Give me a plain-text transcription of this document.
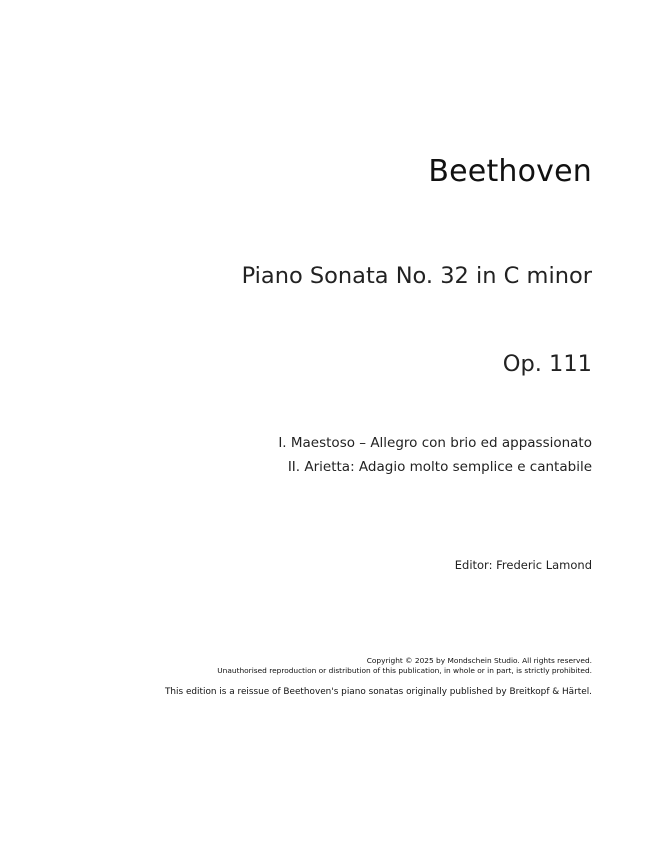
Beethoven
Piano Sonata No. 32 in C minor
Op. 111
I. Maestoso – Allegro con brio ed appassionato
II. Arietta: Adagio molto semplice e cantabile
Editor: Frederic Lamond
Copyright © 2025 by Mondschein Studio. All rights reserved.
Unauthorised reproduction or distribution of this publication, in whole or in part, is strictly prohibited.
This edition is a reissue of Beethoven's piano sonatas originally published by Breitkopf & Härtel.
